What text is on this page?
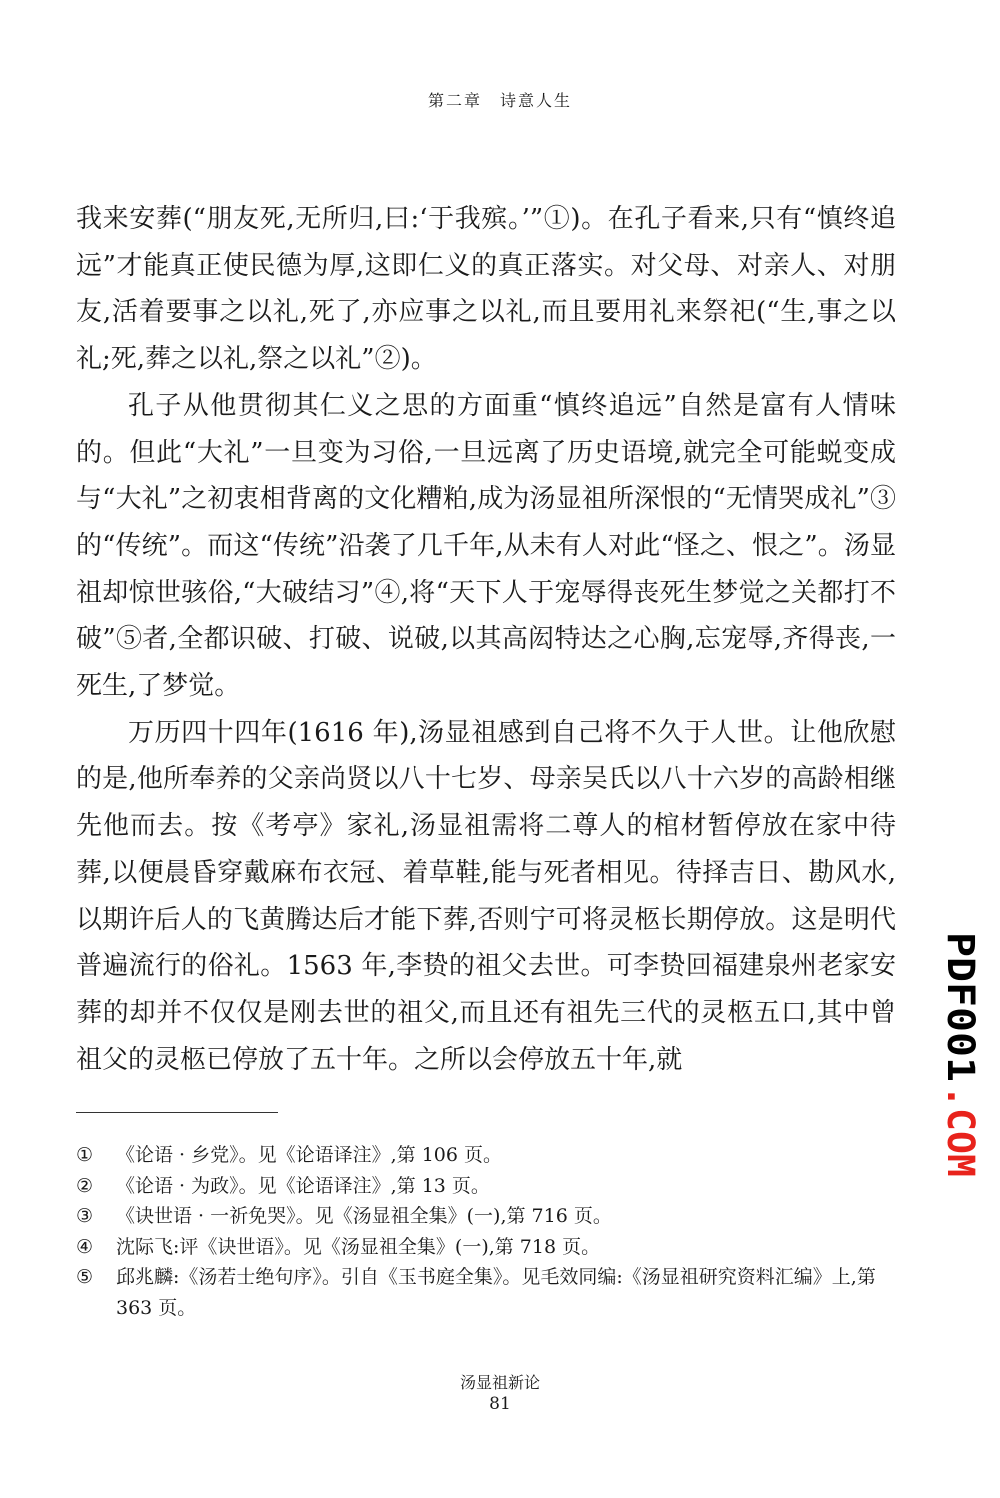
第二章　诗意人生

我来安葬(“朋友死,无所归,曰:‘于我殡。’”①)。在孔子看来,只有“慎终追远”才能真正使民德为厚,这即仁义的真正落实。对父母、对亲人、对朋友,活着要事之以礼,死了,亦应事之以礼,而且要用礼来祭祀(“生,事之以礼;死,葬之以礼,祭之以礼”②)。

孔子从他贯彻其仁义之思的方面重“慎终追远”自然是富有人情味的。但此“大礼”一旦变为习俗,一旦远离了历史语境,就完全可能蜕变成与“大礼”之初衷相背离的文化糟粕,成为汤显祖所深恨的“无情哭成礼”③的“传统”。而这“传统”沿袭了几千年,从未有人对此“怪之、恨之”。汤显祖却惊世骇俗,“大破结习”④,将“天下人于宠辱得丧死生梦觉之关都打不破”⑤者,全都识破、打破、说破,以其高闳特达之心胸,忘宠辱,齐得丧,一死生,了梦觉。

万历四十四年(1616 年),汤显祖感到自己将不久于人世。让他欣慰的是,他所奉养的父亲尚贤以八十七岁、母亲吴氏以八十六岁的高龄相继先他而去。按《考亭》家礼,汤显祖需将二尊人的棺材暂停放在家中待葬,以便晨昏穿戴麻布衣冠、着草鞋,能与死者相见。待择吉日、勘风水,以期许后人的飞黄腾达后才能下葬,否则宁可将灵柩长期停放。这是明代普遍流行的俗礼。1563 年,李贽的祖父去世。可李贽回福建泉州老家安葬的却并不仅仅是刚去世的祖父,而且还有祖先三代的灵柩五口,其中曾祖父的灵柩已停放了五十年。之所以会停放五十年,就

①	《论语 · 乡党》。见《论语译注》,第 106 页。
②	《论语 · 为政》。见《论语译注》,第 13 页。
③	《诀世语 · 一祈免哭》。见《汤显祖全集》(一),第 716 页。
④	沈际飞:评《诀世语》。见《汤显祖全集》(一),第 718 页。
⑤	邱兆麟:《汤若士绝句序》。引自《玉书庭全集》。见毛效同编:《汤显祖研究资料汇编》上,第 363 页。
汤显祖新论
81
PDF001
.COM
